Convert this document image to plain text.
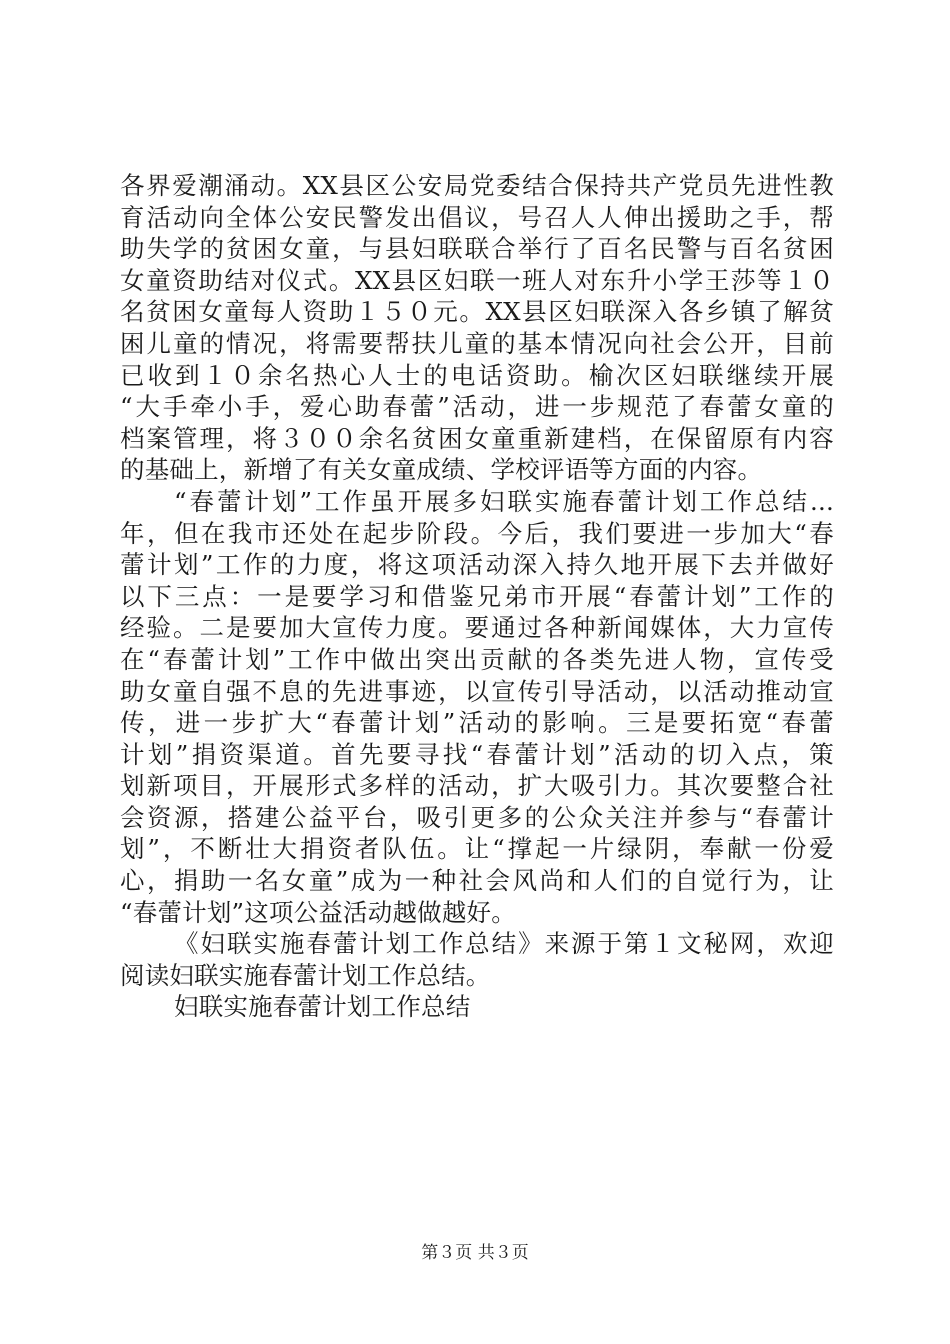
各界爱潮涌动。XX县区公安局党委结合保持共产党员先进性教
育活动向全体公安民警发出倡议，号召人人伸出援助之手，帮
助失学的贫困女童，与县妇联联合举行了百名民警与百名贫困
女童资助结对仪式。XX县区妇联一班人对东升小学王莎等１０
名贫困女童每人资助１５０元。XX县区妇联深入各乡镇了解贫
困儿童的情况，将需要帮扶儿童的基本情况向社会公开，目前
已收到１０余名热心人士的电话资助。榆次区妇联继续开展
“大手牵小手，爱心助春蕾”活动，进一步规范了春蕾女童的
档案管理，将３００余名贫困女童重新建档，在保留原有内容
的基础上，新增了有关女童成绩、学校评语等方面的内容。
“春蕾计划”工作虽开展多妇联实施春蕾计划工作总结...
年，但在我市还处在起步阶段。今后，我们要进一步加大“春
蕾计划”工作的力度，将这项活动深入持久地开展下去并做好
以下三点：一是要学习和借鉴兄弟市开展“春蕾计划”工作的
经验。二是要加大宣传力度。要通过各种新闻媒体，大力宣传
在“春蕾计划”工作中做出突出贡献的各类先进人物，宣传受
助女童自强不息的先进事迹，以宣传引导活动，以活动推动宣
传，进一步扩大“春蕾计划”活动的影响。三是要拓宽“春蕾
计划”捐资渠道。首先要寻找“春蕾计划”活动的切入点，策
划新项目，开展形式多样的活动，扩大吸引力。其次要整合社
会资源，搭建公益平台，吸引更多的公众关注并参与“春蕾计
划”，不断壮大捐资者队伍。让“撑起一片绿阴，奉献一份爱
心，捐助一名女童”成为一种社会风尚和人们的自觉行为，让
“春蕾计划”这项公益活动越做越好。
《妇联实施春蕾计划工作总结》来源于第１文秘网，欢迎
阅读妇联实施春蕾计划工作总结。
妇联实施春蕾计划工作总结
第３页 共３页
